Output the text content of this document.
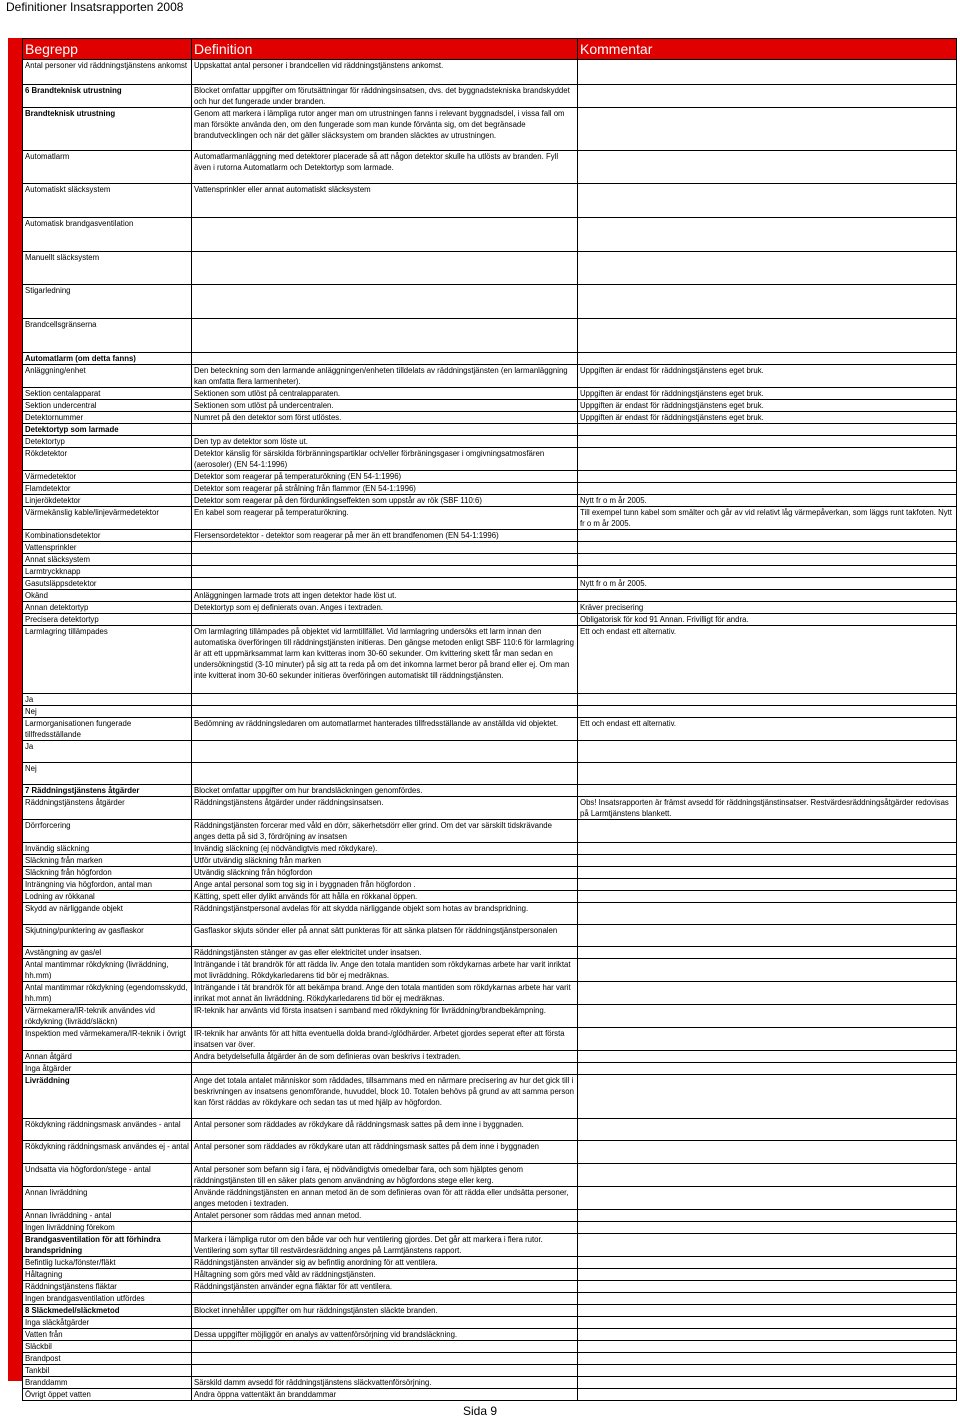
Definitioner Insatsrapporten 2008
Begrepp	Definition	Kommentar
Antal personer vid räddningstjänstens ankomst	Uppskattat antal personer i brandcellen vid räddningstjänstens ankomst.	
6 Brandteknisk utrustning	Blocket omfattar uppgifter om förutsättningar för räddningsinsatsen, dvs. det byggnadstekniska brandskyddet och hur det fungerade under branden.	
Brandteknisk utrustning	Genom att markera i lämpliga rutor anger man om utrustningen fanns i relevant byggnadsdel, i vissa fall om man försökte använda den, om den fungerade som man kunde förvänta sig, om det begränsade brandutvecklingen och när det gäller släcksystem om branden släcktes av utrustningen.	
Automatlarm	Automatlarmanläggning med detektorer placerade så att någon detektor skulle ha utlösts av branden. Fyll även i rutorna Automatlarm och Detektortyp som larmade.	
Automatiskt släcksystem	Vattensprinkler eller annat automatiskt släcksystem	
Automatisk brandgasventilation		
Manuellt släcksystem		
Stigarledning		
Brandcellsgränserna		
Automatlarm (om detta fanns)		
Anläggning/enhet	Den beteckning som den larmande anläggningen/enheten tilldelats av räddningstjänsten (en larmanläggning kan omfatta flera larmenheter).	Uppgiften är endast för räddningstjänstens eget bruk.
Sektion centalapparat	Sektionen som utlöst på centralapparaten.	Uppgiften är endast för räddningstjänstens eget bruk.
Sektion undercentral	Sektionen som utlöst på undercentralen.	Uppgiften är endast för räddningstjänstens eget bruk.
Detektornummer	Numret på den detektor som först utlöstes.	Uppgiften är endast för räddningstjänstens eget bruk.
Detektortyp som larmade		
Detektortyp	Den typ av detektor som löste ut.	
Rökdetektor	Detektor känslig för särskilda förbränningspartiklar och/eller förbräningsgaser i omgivningsatmosfären (aerosoler) (EN 54-1:1996)	
Värmedetektor	Detektor som reagerar på temperaturökning (EN 54-1:1996)	
Flamdetektor	Detektor som reagerar på strålning från flammor (EN 54-1:1996)	
Linjerökdetektor	Detektor som reagerar på den fördunklingseffekten som uppstår av rök (SBF 110:6)	Nytt fr o m år 2005.
Värmekänslig kable/linjevärmedetektor	En kabel som reagerar på temperaturökning.	Till exempel tunn kabel som smälter och går av vid relativt låg värmepåverkan, som läggs runt takfoten. Nytt fr o m år 2005.
Kombinationsdetektor	Flersensordetektor - detektor som reagerar på mer än ett brandfenomen (EN 54-1:1996)	
Vattensprinkler		
Annat släcksystem		
Larmtryckknapp		
Gasutsläppsdetektor		Nytt fr o m år 2005.
Okänd	Anläggningen larmade trots att ingen detektor hade löst ut.	
Annan detektortyp	Detektortyp som ej definierats ovan. Anges i textraden.	Kräver precisering
Precisera detektortyp		Obligatorisk för kod 91 Annan. Frivilligt för andra.
Larmlagring tillämpades	Om larmlagring tillämpades på objektet vid larmtillfället. Vid larmlagring undersöks ett larm innan den automatiska överföringen till räddningstjänsten initieras. Den gängse metoden enligt SBF 110:6 för larmlagring är att ett uppmärksammat larm kan kvitteras inom 30-60 sekunder. Om kvittering skett får man sedan en undersökningstid (3-10 minuter) på sig att ta reda på om det inkomna larmet beror på brand eller ej. Om man inte kvitterat inom 30-60 sekunder initieras överföringen automatiskt till räddningstjänsten.	Ett och endast ett alternativ.
Ja		
Nej		
Larmorganisationen fungerade tillfredsställande	Bedömning av räddningsledaren om automatlarmet hanterades tillfredsställande av anställda vid objektet.	Ett och endast ett alternativ.
Ja		
Nej		
7 Räddningstjänstens åtgärder	Blocket omfattar uppgifter om hur brandsläckningen genomfördes.	
Räddningstjänstens åtgärder	Räddningstjänstens åtgärder under räddningsinsatsen.	Obs! Insatsrapporten är främst avsedd för räddningstjänstinsatser. Restvärdesräddningsåtgärder redovisas på Larmtjänstens blankett.
Dörrforcering	Räddningstjänsten forcerar med våld en dörr, säkerhetsdörr eller grind. Om det var särskilt tidskrävande anges detta på sid 3, fördröjning av insatsen	
Invändig släckning	Invändig släckning (ej nödvändigtvis med rökdykare).	
Släckning från marken	Utför utvändig släckning från marken	
Släckning från högfordon	Utvändig släckning från högfordon	
Inträngning via högfordon, antal man	Ange antal personal som tog sig in i byggnaden från högfordon .	
Lodning av rökkanal	Kätting, spett eller dylikt används för att hålla en rökkanal öppen.	
Skydd av närliggande objekt	Räddningstjänstpersonal avdelas för att skydda närliggande objekt som hotas av brandspridning.	
Skjutning/punktering av gasflaskor	Gasflaskor skjuts sönder eller på annat sätt punkteras för att sänka platsen för räddningstjänstpersonalen	
Avstängning av gas/el	Räddningstjänsten stänger av gas eller elektricitet under insatsen.	
Antal mantimmar rökdykning (livräddning, hh.mm)	Inträngande i tät brandrök för att rädda liv. Ange den totala mantiden som rökdykarnas arbete har varit inriktat mot livräddning. Rökdykarledarens tid bör ej medräknas.	
Antal mantimmar rökdykning (egendomsskydd, hh.mm)	Inträngande i tät brandrök för att bekämpa brand. Ange den totala mantiden som rökdykarnas arbete har varit inrikat mot annat än livräddning. Rökdykarledarens tid bör ej medräknas.	
Värmekamera/IR-teknik användes vid rökdykning (livrädd/släckn)	IR-teknik har använts vid första insatsen i samband med rökdykning för livräddning/brandbekämpning.	
Inspektion med värmekamera/IR-teknik i övrigt	IR-teknik har använts för att hitta eventuella dolda brand-/glödhärder. Arbetet gjordes seperat efter att första insatsen var över.	
Annan åtgärd	Andra betydelsefulla åtgärder än de som definieras ovan beskrivs i textraden.	
Inga åtgärder		
Livräddning	Ange det totala antalet människor som räddades, tillsammans med en närmare precisering av hur det gick till i beskrivningen av insatsens genomförande, huvuddel, block 10. Totalen behövs på grund av att samma person kan först räddas av rökdykare och sedan tas ut med hjälp av högfordon.	
Rökdykning räddningsmask användes - antal	Antal personer som räddades av rökdykare då räddningsmask sattes på dem inne i byggnaden.	
Rökdykning räddningsmask användes ej - antal	Antal personer som räddades av rökdykare utan att räddningsmask sattes på dem inne i byggnaden	
Undsatta via högfordon/stege - antal	Antal personer som befann sig i fara, ej nödvändigtvis omedelbar fara, och som hjälptes genom räddningstjänsten till en säker plats genom användning av högfordons stege eller kerg.	
Annan livräddning	Använde räddningstjänsten en annan metod än de som definieras ovan för att rädda eller undsätta personer, anges metoden i textraden.	
Annan livräddning - antal	Antalet personer som räddas med annan metod.	
Ingen livräddning förekom		
Brandgasventilation för att förhindra brandspridning	Markera i lämpliga rutor om den både var och hur ventilering gjordes. Det går att markera i flera rutor. Ventilering som syftar till restvärdesräddning anges på Larmtjänstens rapport.	
Befintlig lucka/fönster/fläkt	Räddningstjänsten använder sig av befintlig anordning för att ventilera.	
Håltagning	Håltagning som görs med våld av räddningstjänsten.	
Räddningstjänstens fläktar	Räddningstjänsten använder egna fläktar för att ventilera.	
Ingen brandgasventilation utfördes		
8 Släckmedel/släckmetod	Blocket innehåller uppgifter om hur räddningstjänsten släckte branden.	
Inga släckåtgärder		
Vatten från	Dessa uppgifter möjliggör en analys av vattenförsörjning vid brandsläckning.	
Släckbil		
Brandpost		
Tankbil		
Branddamm	Särskild damm avsedd för räddningstjänstens släckvattenförsörjning.	
Övrigt öppet vatten	Andra öppna vattentäkt än branddammar	
Sida 9
